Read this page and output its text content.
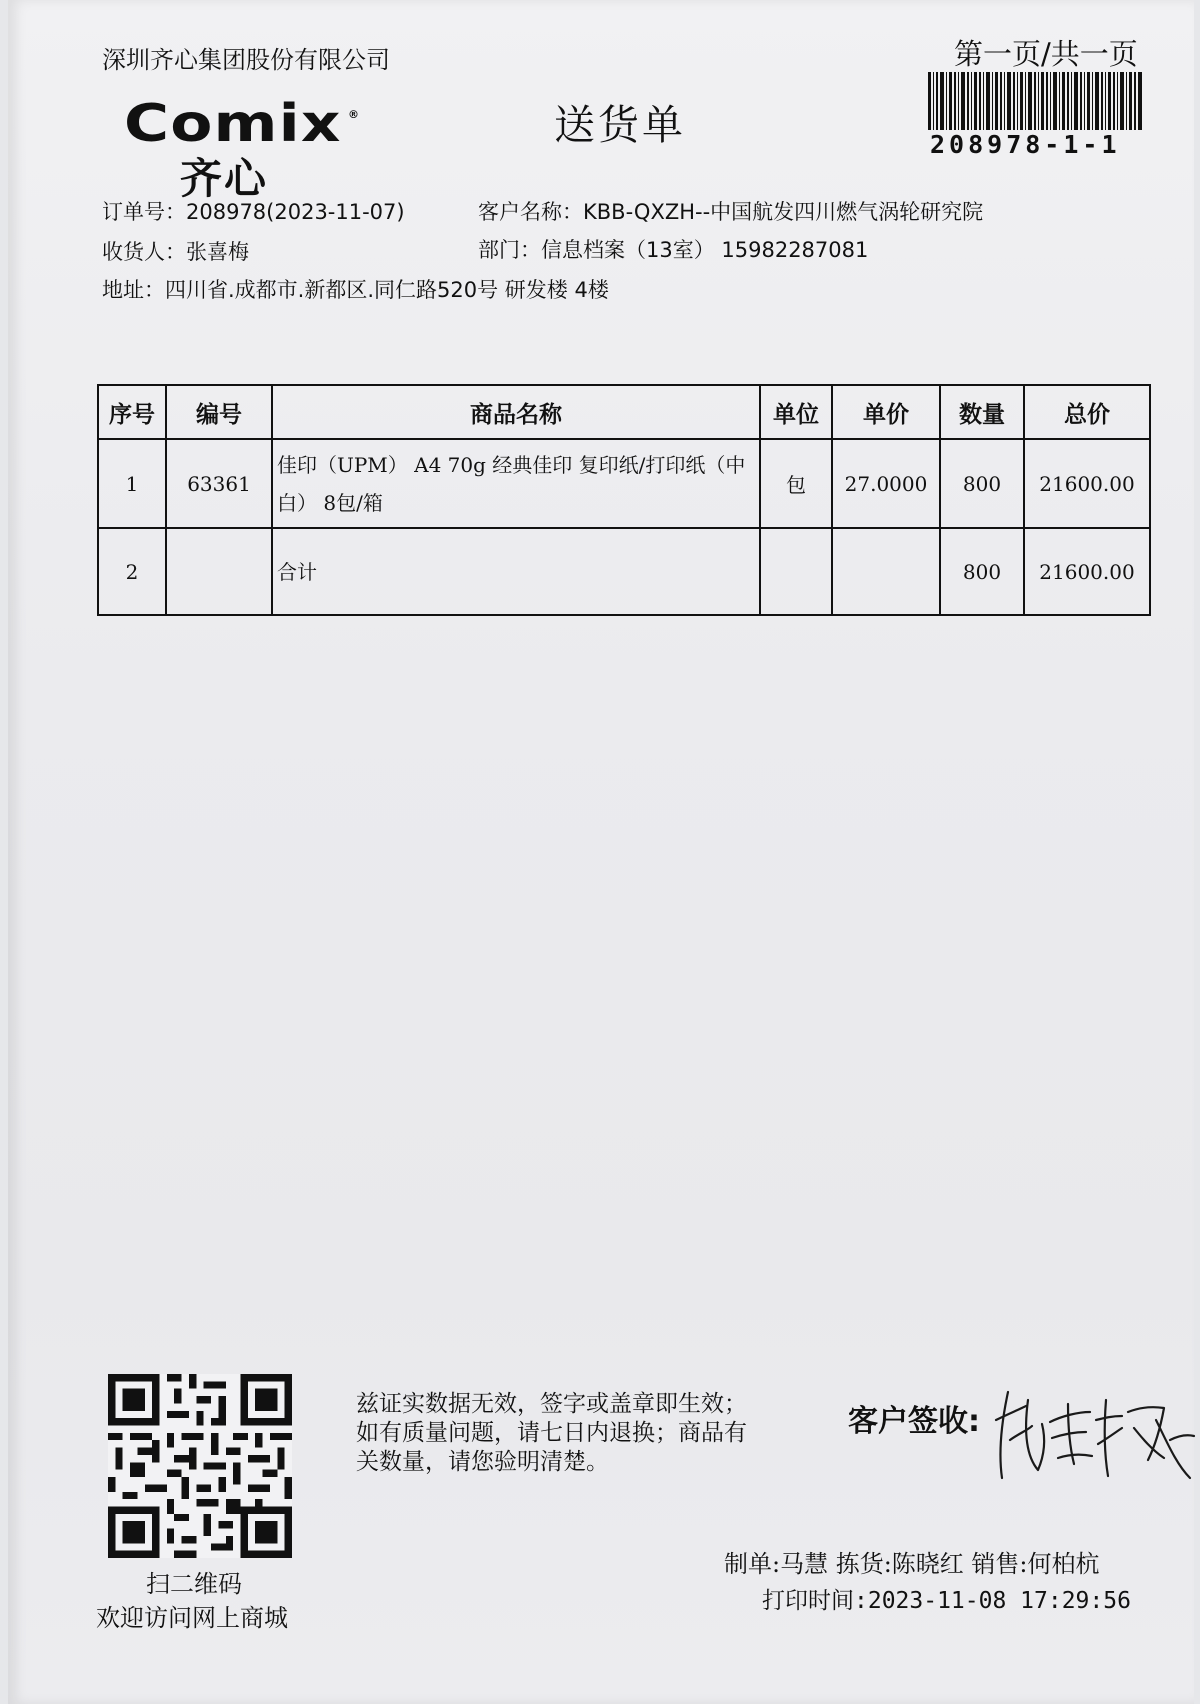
深圳齐心集团股份有限公司	第一页/共一页
Comix ®
齐心
送货单	208978-1-1
订单号：208978(2023-11-07)	客户名称：KBB-QXZH--中国航发四川燃气涡轮研究院
收货人：张喜梅	部门：信息档案（13室） 15982287081
地址：四川省.成都市.新都区.同仁路520号 研发楼 4楼
序号	编号	商品名称	单位	单价	数量	总价
1	63361	佳印（UPM） A4 70g 经典佳印 复印纸/打印纸（中白） 8包/箱	包	27.0000	800	21600.00
2		合计			800	21600.00
扫二维码
欢迎访问网上商城
兹证实数据无效，签字或盖章即生效；如有质量问题，请七日内退换；商品有关数量，请您验明清楚。
客户签收:
制单:马慧 拣货:陈晓红 销售:何柏杭
打印时间:2023-11-08 17:29:56
